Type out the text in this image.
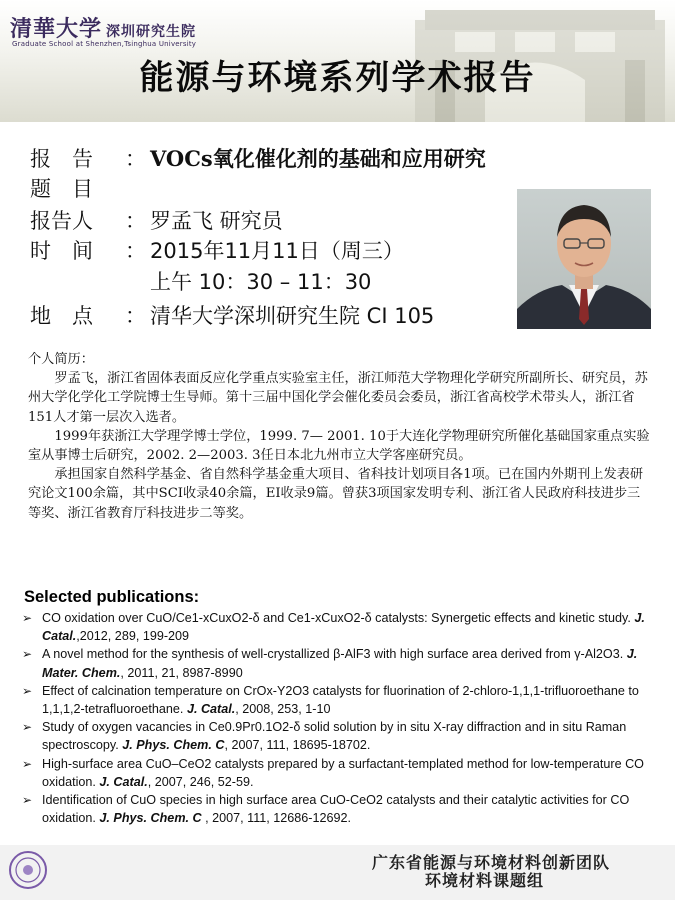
清華大学 深圳研究生院
Graduate School at Shenzhen,Tsinghua University
能源与环境系列学术报告
报　告	： VOCs氧化催化剂的基础和应用研究
题　目
报告人	： 罗孟飞 研究员
时　间	： 2015年11月11日（周三）
上午 10：30 – 11：30
地　点	： 清华大学深圳研究生院 CI 105

个人简历：

罗孟飞，浙江省固体表面反应化学重点实验室主任，浙江师范大学物理化学研究所副所长、研究员，苏州大学化学化工学院博士生导师。第十三届中国化学会催化委员会委员，浙江省高校学术带头人，浙江省151人才第一层次入选者。

1999年获浙江大学理学博士学位，1999. 7— 2001. 10于大连化学物理研究所催化基础国家重点实验室从事博士后研究，2002. 2—2003. 3任日本北九州市立大学客座研究员。

承担国家自然科学基金、省自然科学基金重大项目、省科技计划项目各1项。已在国内外期刊上发表研究论文100余篇，其中SCI收录40余篇，EI收录9篇。曾获3项国家发明专利、浙江省人民政府科技进步三等奖、浙江省教育厅科技进步二等奖。

Selected publications:
➢ CO oxidation over CuO/Ce1-xCuxO2-δ and Ce1-xCuxO2-δ catalysts: Synergetic effects and kinetic study. J. Catal.,2012, 289, 199-209
➢ A novel method for the synthesis of well-crystallized β-AlF3 with high surface area derived from γ-Al2O3. J. Mater. Chem., 2011, 21, 8987-8990
➢ Effect of calcination temperature on CrOx-Y2O3 catalysts for fluorination of 2-chloro-1,1,1-trifluoroethane to 1,1,1,2-tetrafluoroethane. J. Catal., 2008, 253, 1-10
➢ Study of oxygen vacancies in Ce0.9Pr0.1O2-δ solid solution by in situ X-ray diffraction and in situ Raman spectroscopy. J. Phys. Chem. C, 2007, 111, 18695-18702.
➢ High-surface area CuO–CeO2 catalysts prepared by a surfactant-templated method for low-temperature CO oxidation. J. Catal., 2007, 246, 52-59.
➢ Identification of CuO species in high surface area CuO-CeO2 catalysts and their catalytic activities for CO oxidation. J. Phys. Chem. C , 2007, 111, 12686-12692.
广东省能源与环境材料创新团队
环境材料课题组
